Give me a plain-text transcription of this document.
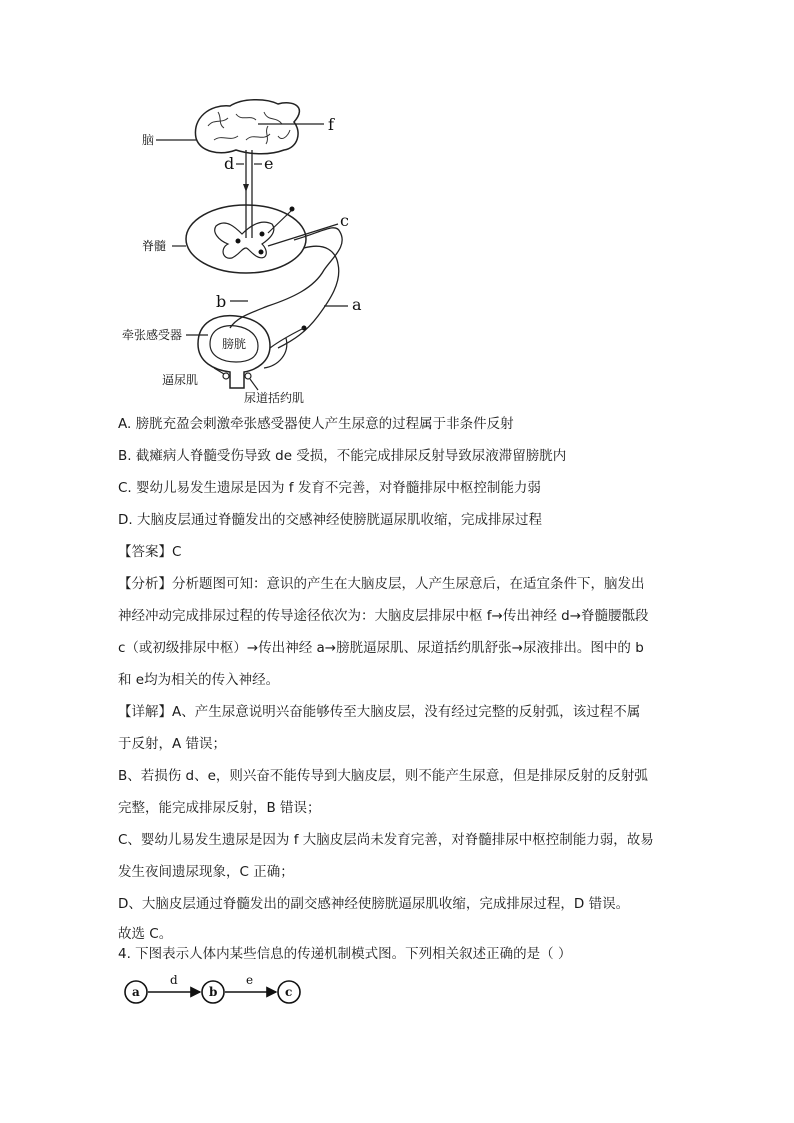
脑
f
d e
脊髓
c
b	a
膀胱
牵张感受器
逼尿肌
尿道括约肌
A. 膀胱充盈会刺激牵张感受器使人产生尿意的过程属于非条件反射
B. 截瘫病人脊髓受伤导致 de 受损，不能完成排尿反射导致尿液滞留膀胱内
C. 婴幼儿易发生遗尿是因为 f 发育不完善，对脊髓排尿中枢控制能力弱
D. 大脑皮层通过脊髓发出的交感神经使膀胱逼尿肌收缩，完成排尿过程
【答案】C
【分析】分析题图可知：意识的产生在大脑皮层，人产生尿意后，在适宜条件下，脑发出
神经冲动完成排尿过程的传导途径依次为：大脑皮层排尿中枢 f→传出神经 d→脊髓腰骶段
c（或初级排尿中枢）→传出神经 a→膀胱逼尿肌、尿道括约肌舒张→尿液排出。图中的 b
和 e均为相关的传入神经。
【详解】A、产生尿意说明兴奋能够传至大脑皮层，没有经过完整的反射弧，该过程不属
于反射，A 错误；
B、若损伤 d、e，则兴奋不能传导到大脑皮层，则不能产生尿意，但是排尿反射的反射弧
完整，能完成排尿反射，B 错误；
C、婴幼儿易发生遗尿是因为 f 大脑皮层尚未发育完善，对脊髓排尿中枢控制能力弱，故易
发生夜间遗尿现象，C 正确；
D、大脑皮层通过脊髓发出的副交感神经使膀胱逼尿肌收缩，完成排尿过程，D 错误。
故选 C。
4. 下图表示人体内某些信息的传递机制模式图。下列相关叙述正确的是（ ）
a
d
b
e
c
